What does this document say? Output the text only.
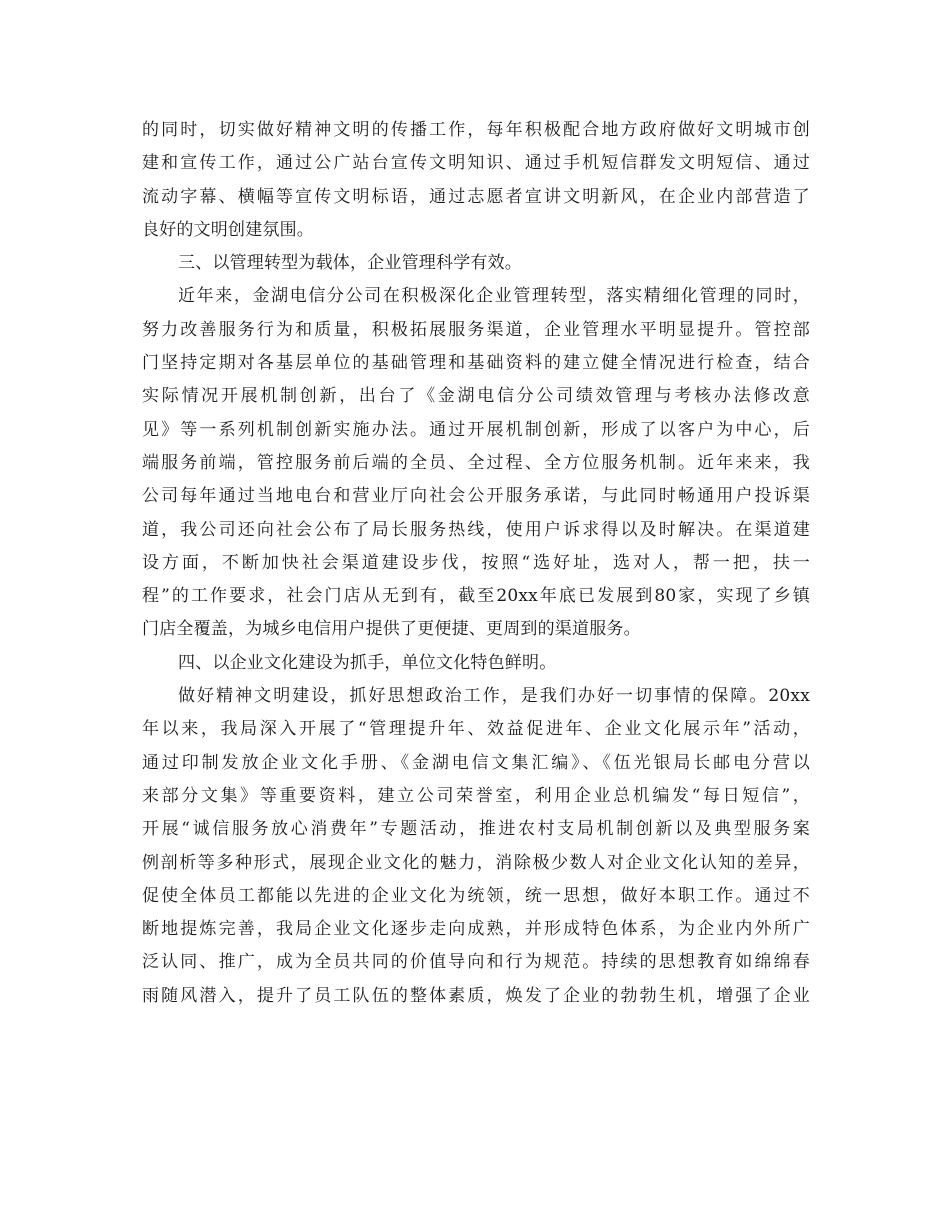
的同时，切实做好精神文明的传播工作，每年积极配合地方政府做好文明城市创
建和宣传工作，通过公广站台宣传文明知识、通过手机短信群发文明短信、通过
流动字幕、横幅等宣传文明标语，通过志愿者宣讲文明新风，在企业内部营造了
良好的文明创建氛围。
三、以管理转型为载体，企业管理科学有效。
近年来，金湖电信分公司在积极深化企业管理转型，落实精细化管理的同时，
努力改善服务行为和质量，积极拓展服务渠道，企业管理水平明显提升。管控部
门坚持定期对各基层单位的基础管理和基础资料的建立健全情况进行检查，结合
实际情况开展机制创新，出台了《金湖电信分公司绩效管理与考核办法修改意
见》等一系列机制创新实施办法。通过开展机制创新，形成了以客户为中心，后
端服务前端，管控服务前后端的全员、全过程、全方位服务机制。近年来来，我
公司每年通过当地电台和营业厅向社会公开服务承诺，与此同时畅通用户投诉渠
道，我公司还向社会公布了局长服务热线，使用户诉求得以及时解决。在渠道建
设方面，不断加快社会渠道建设步伐，按照“选好址，选对人，帮一把，扶一
程”的工作要求，社会门店从无到有，截至20xx年底已发展到80家，实现了乡镇
门店全覆盖，为城乡电信用户提供了更便捷、更周到的渠道服务。
四、以企业文化建设为抓手，单位文化特色鲜明。
做好精神文明建设，抓好思想政治工作，是我们办好一切事情的保障。20xx
年以来，我局深入开展了“管理提升年、效益促进年、企业文化展示年”活动，
通过印制发放企业文化手册、《金湖电信文集汇编》、《伍光银局长邮电分营以
来部分文集》等重要资料，建立公司荣誉室，利用企业总机编发“每日短信”，
开展“诚信服务放心消费年”专题活动，推进农村支局机制创新以及典型服务案
例剖析等多种形式，展现企业文化的魅力，消除极少数人对企业文化认知的差异，
促使全体员工都能以先进的企业文化为统领，统一思想，做好本职工作。通过不
断地提炼完善，我局企业文化逐步走向成熟，并形成特色体系，为企业内外所广
泛认同、推广，成为全员共同的价值导向和行为规范。持续的思想教育如绵绵春
雨随风潜入，提升了员工队伍的整体素质，焕发了企业的勃勃生机，增强了企业
